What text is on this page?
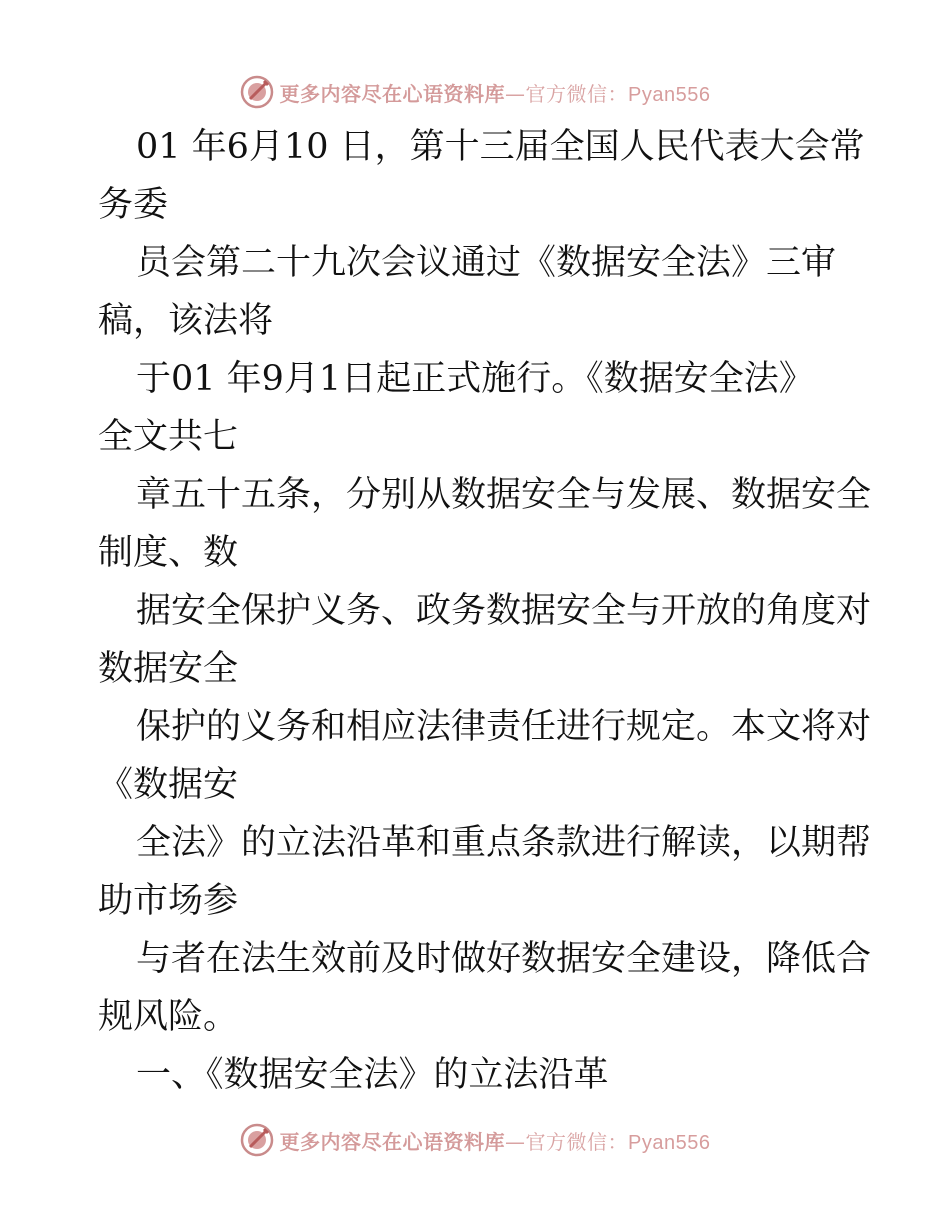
更多内容尽在心语资料库—官方微信：Pyan556

01 年6月10 日，第十三届全国人民代表大会常
务委

员会第二十九次会议通过《数据安全法》三审
稿，该法将

于01 年9月1日起正式施行。《数据安全法》
全文共七

章五十五条，分别从数据安全与发展、数据安全
制度、数

据安全保护义务、政务数据安全与开放的角度对
数据安全

保护的义务和相应法律责任进行规定。本文将对
《数据安

全法》的立法沿革和重点条款进行解读，以期帮
助市场参

与者在法生效前及时做好数据安全建设，降低合
规风险。

一、《数据安全法》的立法沿革

更多内容尽在心语资料库—官方微信：Pyan556
